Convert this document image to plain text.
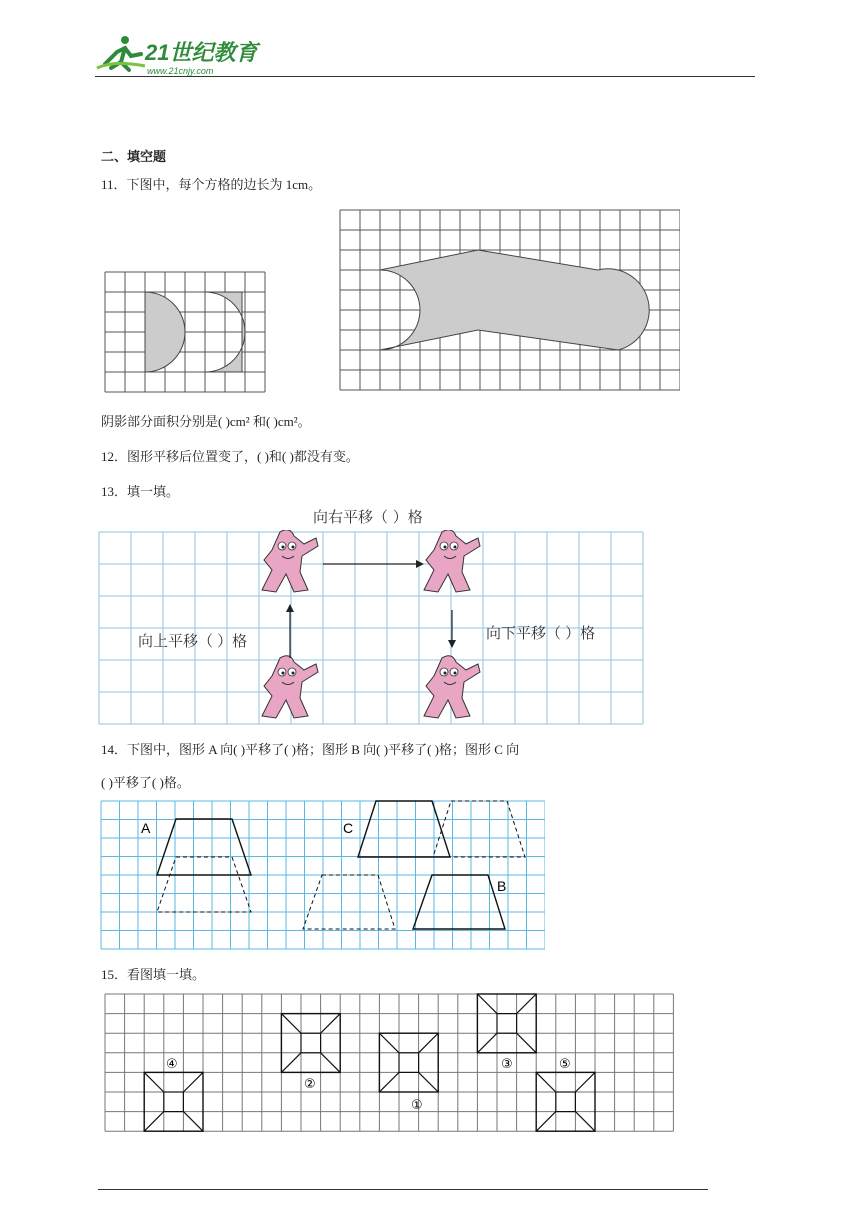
21世纪教育
www.21cnjy.com
二、填空题
11．下图中，每个方格的边长为 1cm。
阴影部分面积分别是( )cm² 和( )cm²。
12．图形平移后位置变了，( )和( )都没有变。
13．填一填。
向右平移（ ）格
向上平移（ ）格	向下平移（ ）格
14．下图中，图形 A 向( )平移了( )格；图形 B 向( )平移了( )格；图形 C 向
( )平移了( )格。
A	C
B
15．看图填一填。
①
②
③
④	⑤
